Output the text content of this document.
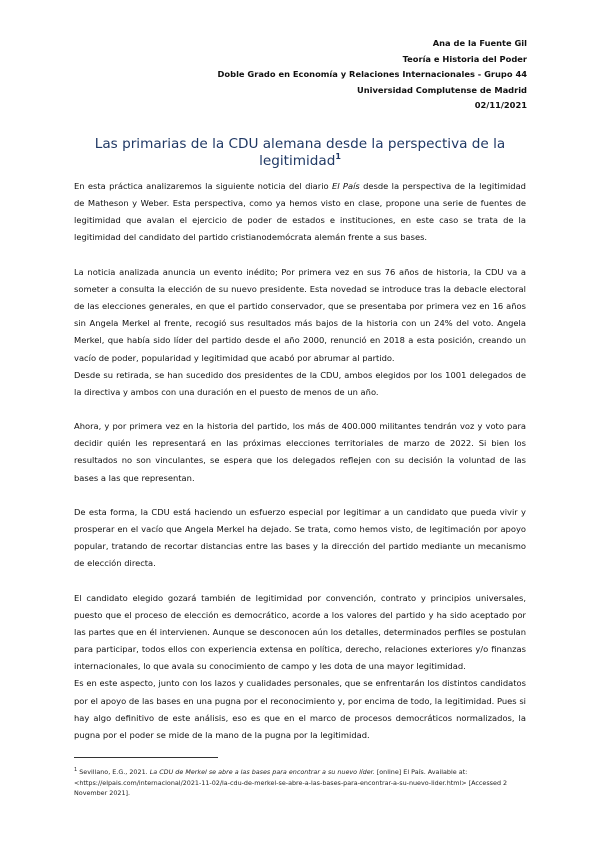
Ana de la Fuente Gil
Teoría e Historia del Poder
Doble Grado en Economía y Relaciones Internacionales - Grupo 44
Universidad Complutense de Madrid
02/11/2021
Las primarias de la CDU alemana desde la perspectiva de la legitimidad$^1$

En esta práctica analizaremos la siguiente noticia del diario El País desde la perspectiva de la legitimidad de Matheson y Weber. Esta perspectiva, como ya hemos visto en clase, propone una serie de fuentes de legitimidad que avalan el ejercicio de poder de estados e instituciones, en este caso se trata de la legitimidad del candidato del partido cristianodemócrata alemán frente a sus bases.

La noticia analizada anuncia un evento inédito; Por primera vez en sus 76 años de historia, la CDU va a someter a consulta la elección de su nuevo presidente. Esta novedad se introduce tras la debacle electoral de las elecciones generales, en que el partido conservador, que se presentaba por primera vez en 16 años sin Angela Merkel al frente, recogió sus resultados más bajos de la historia con un 24% del voto. Angela Merkel, que había sido líder del partido desde el año 2000, renunció en 2018 a esta posición, creando un vacío de poder, popularidad y legitimidad que acabó por abrumar al partido.

Desde su retirada, se han sucedido dos presidentes de la CDU, ambos elegidos por los 1001 delegados de la directiva y ambos con una duración en el puesto de menos de un año.

Ahora, y por primera vez en la historia del partido, los más de 400.000 militantes tendrán voz y voto para decidir quién les representará en las próximas elecciones territoriales de marzo de 2022. Si bien los resultados no son vinculantes, se espera que los delegados reflejen con su decisión la voluntad de las bases a las que representan.

De esta forma, la CDU está haciendo un esfuerzo especial por legitimar a un candidato que pueda vivir y prosperar en el vacío que Angela Merkel ha dejado. Se trata, como hemos visto, de legitimación por apoyo popular, tratando de recortar distancias entre las bases y la dirección del partido mediante un mecanismo de elección directa.

El candidato elegido gozará también de legitimidad por convención, contrato y principios universales, puesto que el proceso de elección es democrático, acorde a los valores del partido y ha sido aceptado por las partes que en él intervienen. Aunque se desconocen aún los detalles, determinados perfiles se postulan para participar, todos ellos con experiencia extensa en política, derecho, relaciones exteriores y/o finanzas internacionales, lo que avala su conocimiento de campo y les dota de una mayor legitimidad.

Es en este aspecto, junto con los lazos y cualidades personales, que se enfrentarán los distintos candidatos por el apoyo de las bases en una pugna por el reconocimiento y, por encima de todo, la legitimidad. Pues si hay algo definitivo de este análisis, eso es que en el marco de procesos democráticos normalizados, la pugna por el poder se mide de la mano de la pugna por la legitimidad.

$^1$ Sevillano, E.G., 2021. La CDU de Merkel se abre a las bases para encontrar a su nuevo líder. [online] El País. Available at: <https://elpais.com/internacional/2021-11-02/la-cdu-de-merkel-se-abre-a-las-bases-para-encontrar-a-su-nuevo-lider.html> [Accessed 2 November 2021].
